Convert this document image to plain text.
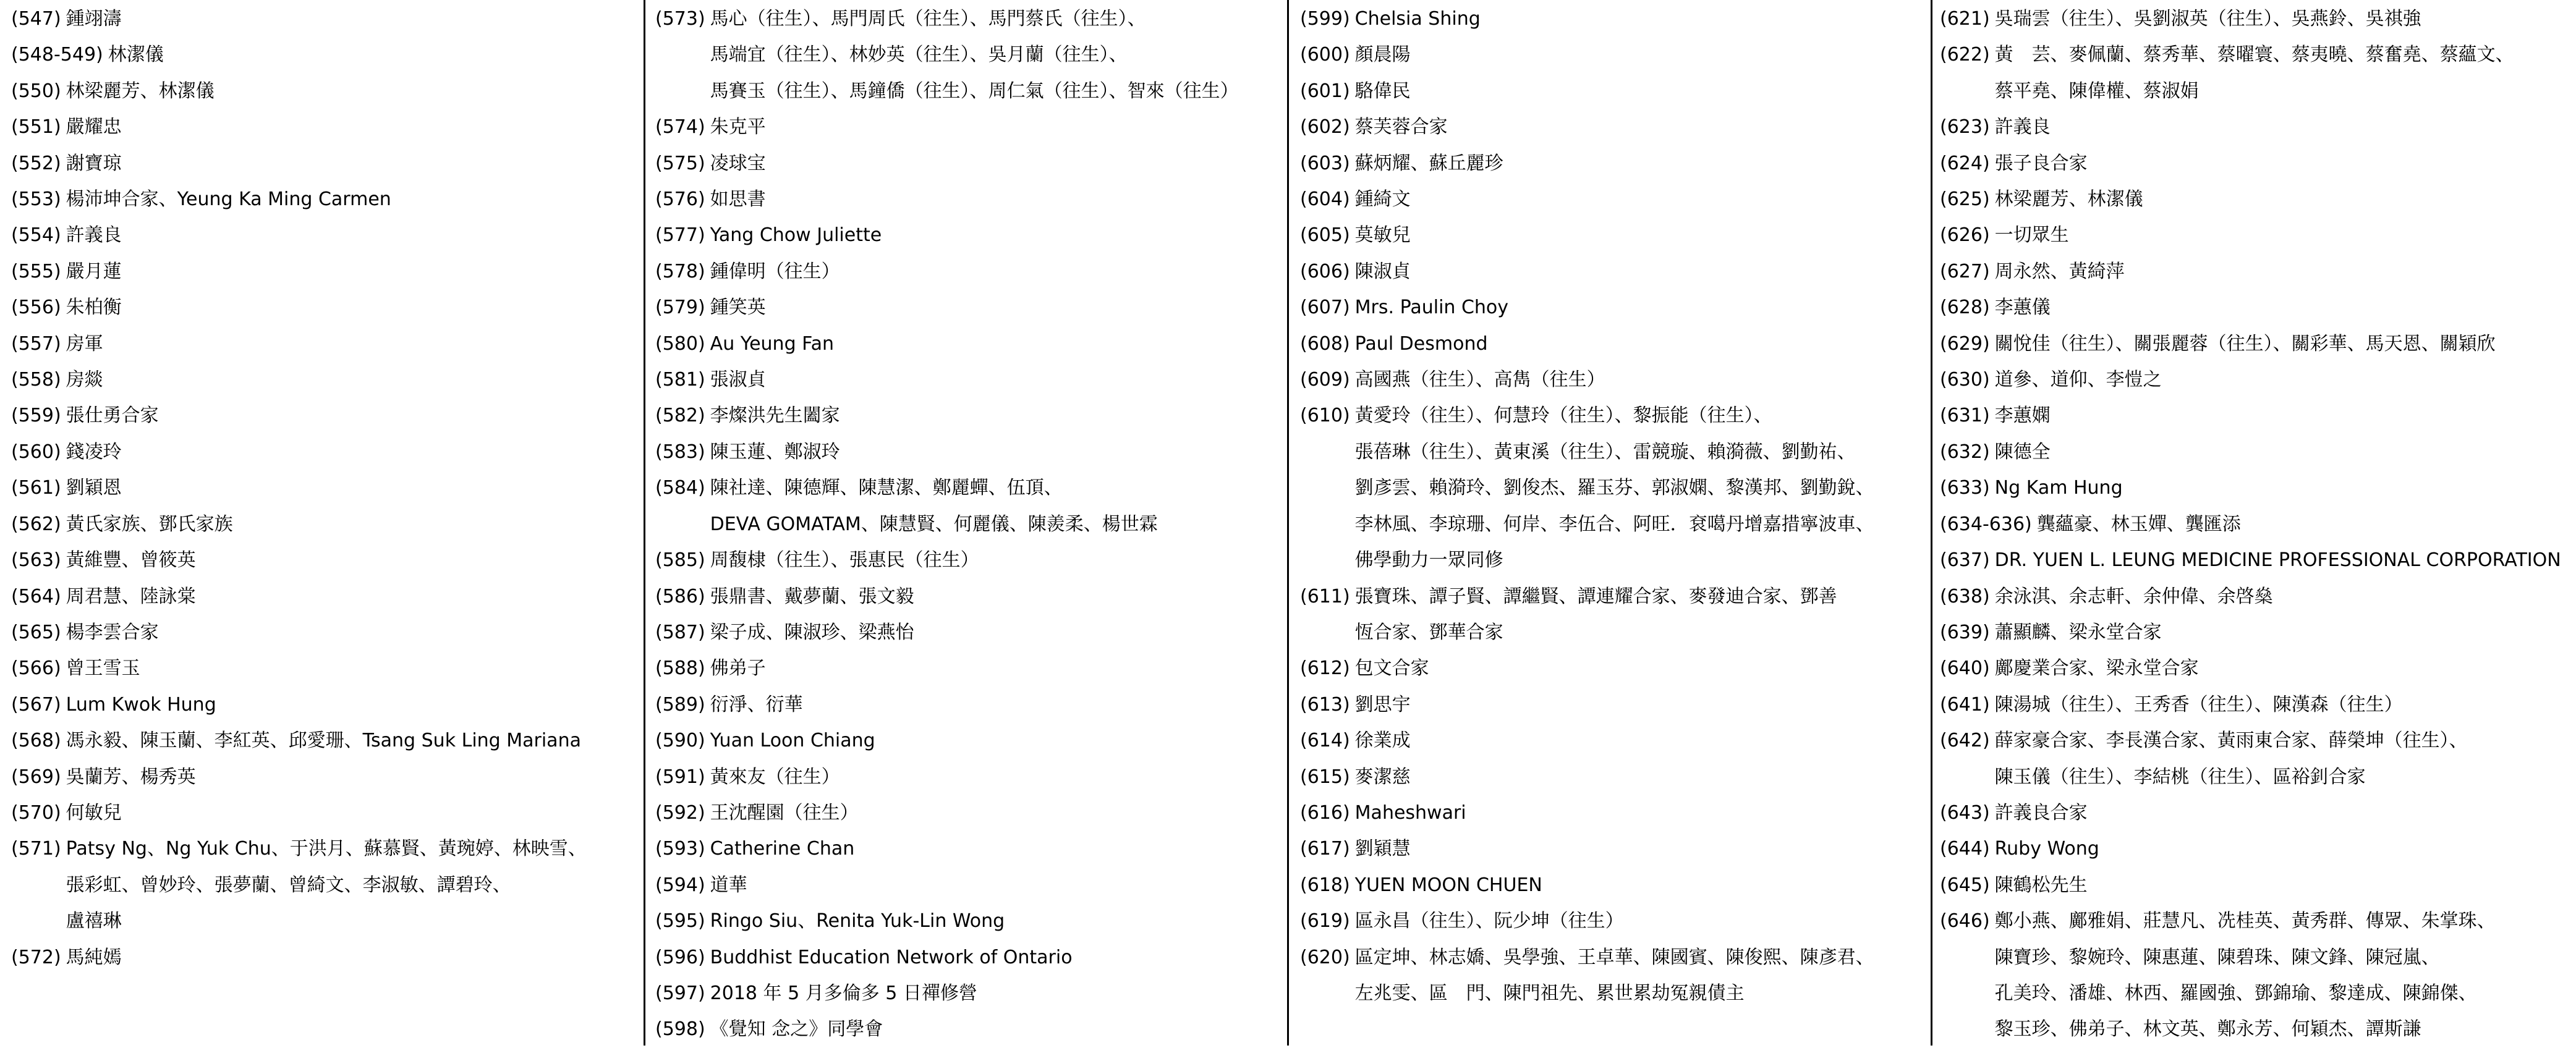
(547) 鍾翊濤
(548-549) 林潔儀
(550) 林梁麗芳、林潔儀
(551) 嚴耀忠
(552) 謝寶琼
(553) 楊沛坤合家、Yeung Ka Ming Carmen
(554) 許義良
(555) 嚴月蓮
(556) 朱柏衡
(557) 房軍
(558) 房燚
(559) 張仕勇合家
(560) 錢凌玲
(561) 劉穎恩
(562) 黃氏家族、鄧氏家族
(563) 黃維豐、曾筱英
(564) 周君慧、陸詠棠
(565) 楊李雲合家
(566) 曾王雪玉
(567) Lum Kwok Hung
(568) 馮永毅、陳玉蘭、李紅英、邱愛珊、Tsang Suk Ling Mariana
(569) 吳蘭芳、楊秀英
(570) 何敏兒
(571) Patsy Ng、Ng Yuk Chu、于洪月、蘇慕賢、黃琬婷、林映雪、
張彩虹、曾妙玲、張夢蘭、曾綺文、李淑敏、譚碧玲、
盧禧琳
(572) 馬純嫣
(573) 馬心（往生）、馬門周氏（往生）、馬門蔡氏（往生）、
馬端宜（往生）、林妙英（往生）、吳月蘭（往生）、
馬賽玉（往生）、馬鐘僑（往生）、周仁氣（往生）、智來（往生）
(574) 朱克平
(575) 凌球宝
(576) 如思書
(577) Yang Chow Juliette
(578) 鍾偉明（往生）
(579) 鍾笑英
(580) Au Yeung Fan
(581) 張淑貞
(582) 李燦洪先生闔家
(583) 陳玉蓮、鄭淑玲
(584) 陳社達、陳德輝、陳慧潔、鄭麗蟬、伍頂、
DEVA GOMATAM、陳慧賢、何麗儀、陳羨柔、楊世霖
(585) 周馥棣（往生）、張惠民（往生）
(586) 張鼎書、戴夢蘭、張文毅
(587) 梁子成、陳淑珍、梁燕怡
(588) 佛弟子
(589) 衍淨、衍華
(590) Yuan Loon Chiang
(591) 黃來友（往生）
(592) 王沈醒園（往生）
(593) Catherine Chan
(594) 道華
(595) Ringo Siu、Renita Yuk-Lin Wong
(596) Buddhist Education Network of Ontario
(597) 2018 年 5 月多倫多 5 日禪修營
(598) 《覺知 念之》同學會
(599) Chelsia Shing
(600) 顏晨陽
(601) 駱偉民
(602) 蔡芙蓉合家
(603) 蘇炳耀、蘇丘麗珍
(604) 鍾綺文
(605) 莫敏兒
(606) 陳淑貞
(607) Mrs. Paulin Choy
(608) Paul Desmond
(609) 高國燕（往生）、高雋（往生）
(610) 黃愛玲（往生）、何慧玲（往生）、黎振能（往生）、
張蓓琳（往生）、黃東溪（往生）、雷競璇、賴漪薇、劉勤祐、
劉彥雲、賴漪玲、劉俊杰、羅玉芬、郭淑嫻、黎漢邦、劉勤銳、
李林風、李琼珊、何岸、李伍合、阿旺．袞噶丹增嘉措寧波車、
佛學動力一眾同修
(611) 張寶珠、譚子賢、譚繼賢、譚連耀合家、麥發迪合家、鄧善
恆合家、鄧華合家
(612) 包文合家
(613) 劉思宇
(614) 徐業成
(615) 麥潔慈
(616) Maheshwari
(617) 劉穎慧
(618) YUEN MOON CHUEN
(619) 區永昌（往生）、阮少坤（往生）
(620) 區定坤、林志嬌、吳學強、王卓華、陳國賓、陳俊熙、陳彥君、
左兆雯、區　門、陳門祖先、累世累劫冤親債主
(621) 吳瑞雲（往生）、吳劉淑英（往生）、吳燕鈴、吳祺強
(622) 黃　芸、麥佩蘭、蔡秀華、蔡曜寰、蔡夷曉、蔡奮堯、蔡蘊文、
蔡平堯、陳偉權、蔡淑娟
(623) 許義良
(624) 張子良合家
(625) 林梁麗芳、林潔儀
(626) 一切眾生
(627) 周永然、黃綺萍
(628) 李蕙儀
(629) 關悅佳（往生）、關張麗蓉（往生）、關彩華、馬天恩、關穎欣
(630) 道參、道仰、李愷之
(631) 李蕙嫻
(632) 陳德全
(633) Ng Kam Hung
(634-636) 龔蘊豪、林玉嬋、龔匯添
(637) DR. YUEN L. LEUNG MEDICINE PROFESSIONAL CORPORATION
(638) 余泳淇、余志軒、余仲偉、余啓燊
(639) 蕭顯麟、梁永堂合家
(640) 鄺慶業合家、梁永堂合家
(641) 陳湯城（往生）、王秀香（往生）、陳漢森（往生）
(642) 薛家豪合家、李長漢合家、黃雨東合家、薛榮坤（往生）、
陳玉儀（往生）、李結桃（往生）、區裕釗合家
(643) 許義良合家
(644) Ruby Wong
(645) 陳鶴松先生
(646) 鄭小燕、鄺雅娟、莊慧凡、冼桂英、黃秀群、傳眾、朱掌珠、
陳寶珍、黎婉玲、陳惠蓮、陳碧珠、陳文鋒、陳冠嵐、
孔美玲、潘雄、林西、羅國強、鄧錦瑜、黎達成、陳錦傑、
黎玉珍、佛弟子、林文英、鄭永芳、何穎杰、譚斯謙
